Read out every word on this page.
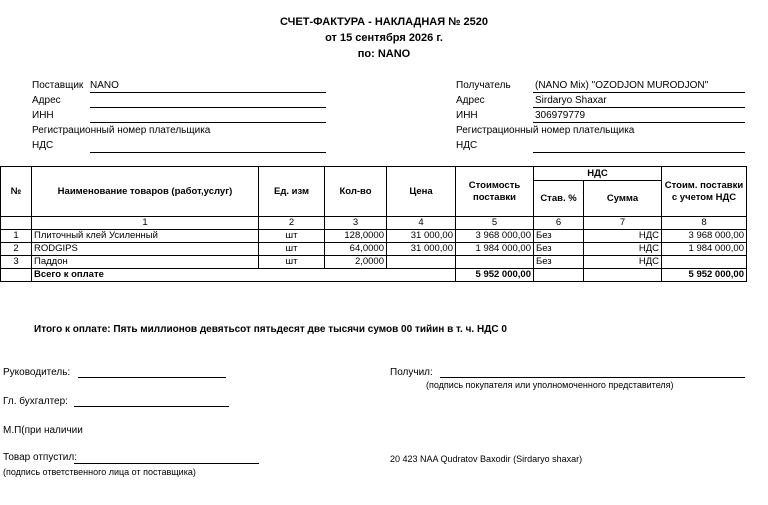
СЧЕТ-ФАКТУРА - НАКЛАДНАЯ № 2520
от 15 сентября 2026 г.
по: NANO
Поставщик NANO
Адрес
ИНН
Регистрационный номер плательщика
НДС
Получатель (NANO Mix) "OZODJON MURODJON"
Адрес	Sirdaryo Shaxar
ИНН	306979779
Регистрационный номер плательщика
НДС
№	Наименование товаров (работ,услуг)	Ед. изм	Кол-во	Цена	Стоимость поставки	НДС		Стоим. поставки с учетом НДС
						Став. %	Сумма	
	1	2	3	4	5	6	7	8
1	Плиточный клей Усиленный	шт	128,0000	31 000,00	3 968 000,00	Без	НДС	3 968 000,00
2	RODGIPS	шт	64,0000	31 000,00	1 984 000,00	Без	НДС	1 984 000,00
3	Паддон	шт	2,0000			Без	НДС	
	Всего к оплате				5 952 000,00			5 952 000,00
Итого к оплате: Пять миллионов девятьсот пятьдесят две тысячи сумов 00 тийин в т. ч. НДС 0
Руководитель:
Гл. бухгалтер:
М.П(при наличии
Товар отпустил:
(подпись ответственного лица от поставщика)
Получил:
(подпись покупателя или уполномоченного представителя)
20 423 NAA Qudratov Baxodir (Sirdaryo shaxar)
